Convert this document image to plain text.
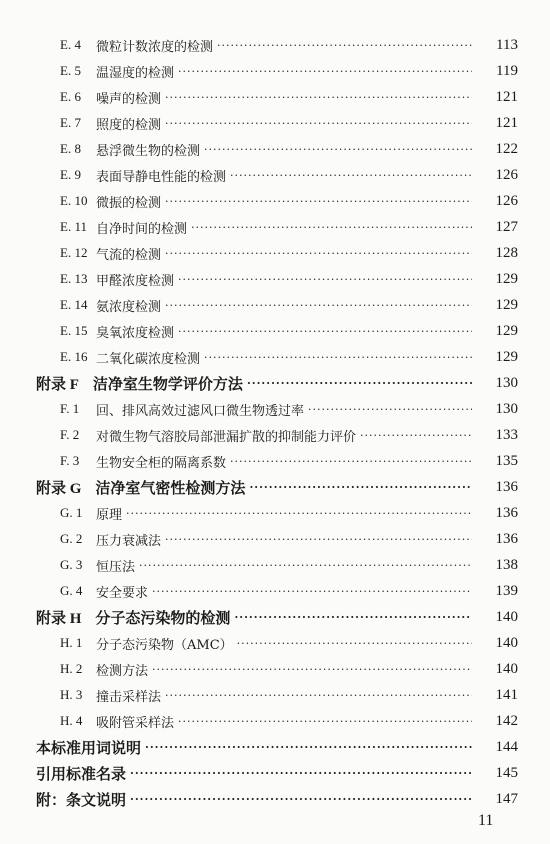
E. 4	微粒计数浓度的检测 ·····	113
E. 5	温湿度的检测 ·····	119
E. 6	噪声的检测 ·····	121
E. 7	照度的检测 ·····	121
E. 8	悬浮微生物的检测 ·····	122
E. 9	表面导静电性能的检测 ·····	126
E. 10 微振的检测 ·····	126
E. 11 自净时间的检测 ·····	127
E. 12 气流的检测 ·····	128
E. 13 甲醛浓度检测 ·····	129
E. 14 氨浓度检测 ·····	129
E. 15 臭氧浓度检测 ·····	129
E. 16 二氧化碳浓度检测 ·····	129
附录 F 洁净室生物学评价方法 ·····	130
F. 1	回、排风高效过滤风口微生物透过率 ·····	130
F. 2	对微生物气溶胶局部泄漏扩散的抑制能力评价 ·····	133
F. 3	生物安全柜的隔离系数 ·····	135
附录 G 洁净室气密性检测方法 ·····	136
G. 1	原理 ·····	136
G. 2	压力衰减法 ·····	136
G. 3	恒压法 ·····	138
G. 4	安全要求 ·····	139
附录 H 分子态污染物的检测 ·····	140
H. 1	分子态污染物（AMC） ·····	140
H. 2	检测方法 ·····	140
H. 3	撞击采样法 ·····	141
H. 4	吸附管采样法 ·····	142
本标准用词说明 ·····	144
引用标准名录 ·····	145
附：条文说明 ·····	147
11
